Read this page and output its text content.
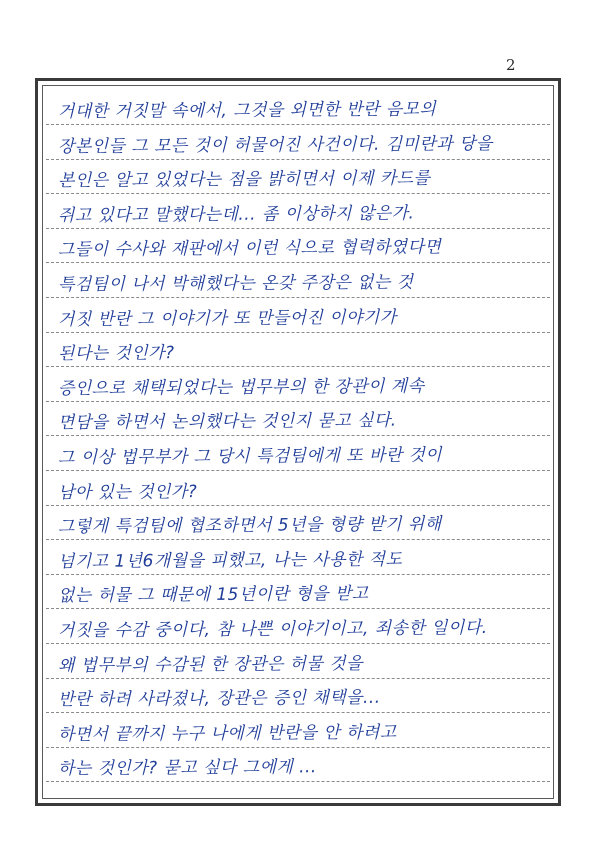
2
거대한 거짓말 속에서, 그것을 외면한 반란 음모의
장본인들 그 모든 것이 허물어진 사건이다. 김미란과 당을
본인은 알고 있었다는 점을 밝히면서 이제 카드를
쥐고 있다고 말했다는데... 좀 이상하지 않은가.
그들이 수사와 재판에서 이런 식으로 협력하였다면
특검팀이 나서 박해했다는 온갖 주장은 없는 것
거짓 반란 그 이야기가 또 만들어진 이야기가
된다는 것인가?
증인으로 채택되었다는 법무부의 한 장관이 계속
면담을 하면서 논의했다는 것인지 묻고 싶다.
그 이상 법무부가 그 당시 특검팀에게 또 바란 것이
남아 있는 것인가?
그렇게 특검팀에 협조하면서 5년을 형량 받기 위해
넘기고 1년6개월을 피했고, 나는 사용한 적도
없는 허물 그 때문에 15년이란 형을 받고
거짓을 수감 중이다, 참 나쁜 이야기이고, 죄송한 일이다.
왜 법무부의 수감된 한 장관은 허물 것을
반란 하려 사라졌나, 장관은 증인 채택을...
하면서 끝까지 누구 나에게 반란을 안 하려고
하는 것인가? 묻고 싶다 그에게 ...
